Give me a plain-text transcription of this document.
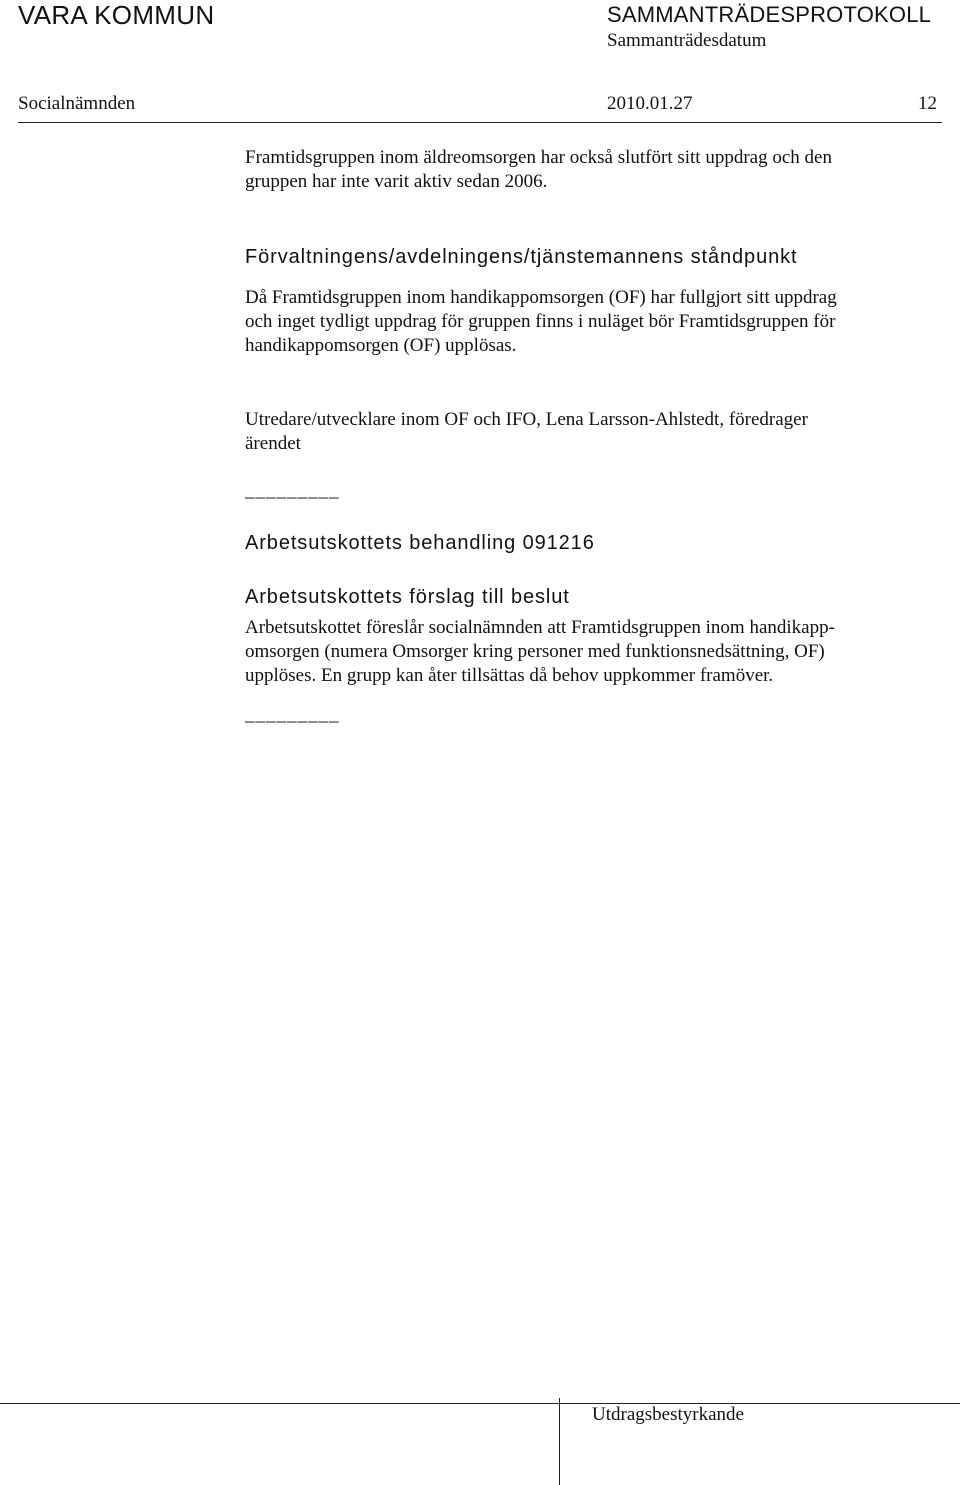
VARA KOMMUN	SAMMANTRÄDESPROTOKOLL
Sammanträdesdatum
Socialnämnden	2010.01.27	12
Framtidsgruppen inom äldreomsorgen har också slutfört sitt uppdrag och den
gruppen har inte varit aktiv sedan 2006.
Förvaltningens/avdelningens/tjänstemannens ståndpunkt
Då Framtidsgruppen inom handikappomsorgen (OF) har fullgjort sitt uppdrag
och inget tydligt uppdrag för gruppen finns i nuläget bör Framtidsgruppen för
handikappomsorgen (OF) upplösas.
Utredare/utvecklare inom OF och IFO, Lena Larsson-Ahlstedt, föredrager
ärendet
_________
Arbetsutskottets behandling 091216
Arbetsutskottets förslag till beslut
Arbetsutskottet föreslår socialnämnden att Framtidsgruppen inom handikapp-
omsorgen (numera Omsorger kring personer med funktionsnedsättning, OF)
upplöses. En grupp kan åter tillsättas då behov uppkommer framöver.
_________
Utdragsbestyrkande
